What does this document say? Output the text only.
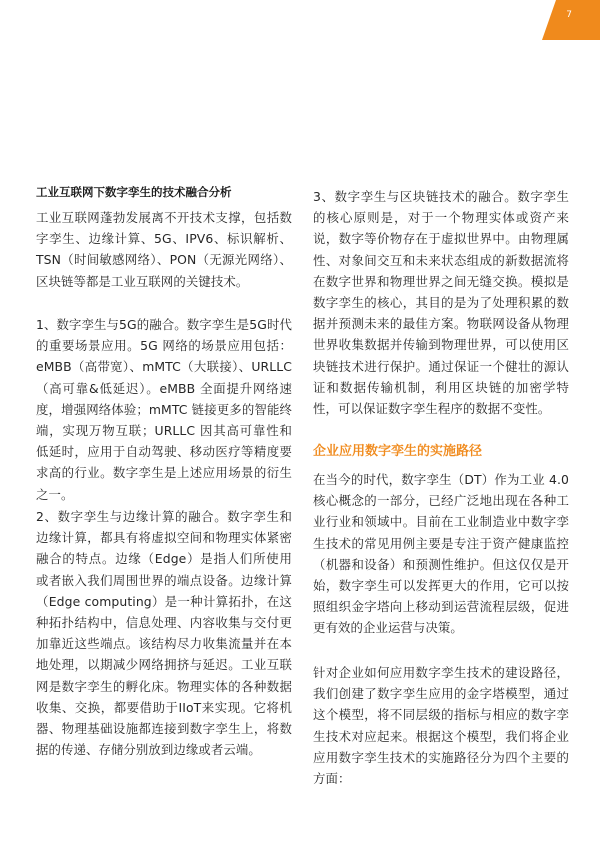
7
工业互联网下数字孪生的技术融合分析

工业互联网蓬勃发展离不开技术支撑，包括数字孪生、边缘计算、5G、IPV6、标识解析、TSN（时间敏感网络）、PON（无源光网络）、区块链等都是工业互联网的关键技术。

1、数字孪生与5G的融合。数字孪生是5G时代的重要场景应用。5G 网络的场景应用包括：eMBB（高带宽）、mMTC（大联接）、URLLC（高可靠&低延迟）。eMBB 全面提升网络速度，增强网络体验；mMTC 链接更多的智能终端，实现万物互联；URLLC 因其高可靠性和低延时，应用于自动驾驶、移动医疗等精度要求高的行业。数字孪生是上述应用场景的衍生之一。

2、数字孪生与边缘计算的融合。数字孪生和边缘计算，都具有将虚拟空间和物理实体紧密融合的特点。边缘（Edge）是指人们所使用或者嵌入我们周围世界的端点设备。边缘计算（Edge computing）是一种计算拓扑，在这种拓扑结构中，信息处理、内容收集与交付更加靠近这些端点。该结构尽力收集流量并在本地处理，以期减少网络拥挤与延迟。工业互联网是数字孪生的孵化床。物理实体的各种数据收集、交换，都要借助于IIoT来实现。它将机器、物理基础设施都连接到数字孪生上，将数据的传递、存储分别放到边缘或者云端。

3、数字孪生与区块链技术的融合。数字孪生的核心原则是，对于一个物理实体或资产来说，数字等价物存在于虚拟世界中。由物理属性、对象间交互和未来状态组成的新数据流将在数字世界和物理世界之间无缝交换。模拟是数字孪生的核心，其目的是为了处理积累的数据并预测未来的最佳方案。物联网设备从物理世界收集数据并传输到物理世界，可以使用区块链技术进行保护。通过保证一个健壮的源认证和数据传输机制，利用区块链的加密学特性，可以保证数字孪生程序的数据不变性。

企业应用数字孪生的实施路径

在当今的时代，数字孪生（DT）作为工业 4.0 核心概念的一部分，已经广泛地出现在各种工业行业和领域中。目前在工业制造业中数字孪生技术的常见用例主要是专注于资产健康监控（机器和设备）和预测性维护。但这仅仅是开始，数字孪生可以发挥更大的作用，它可以按照组织金字塔向上移动到运营流程层级，促进更有效的企业运营与决策。

针对企业如何应用数字孪生技术的建设路径，我们创建了数字孪生应用的金字塔模型，通过这个模型，将不同层级的指标与相应的数字孪生技术对应起来。根据这个模型，我们将企业应用数字孪生技术的实施路径分为四个主要的方面：
